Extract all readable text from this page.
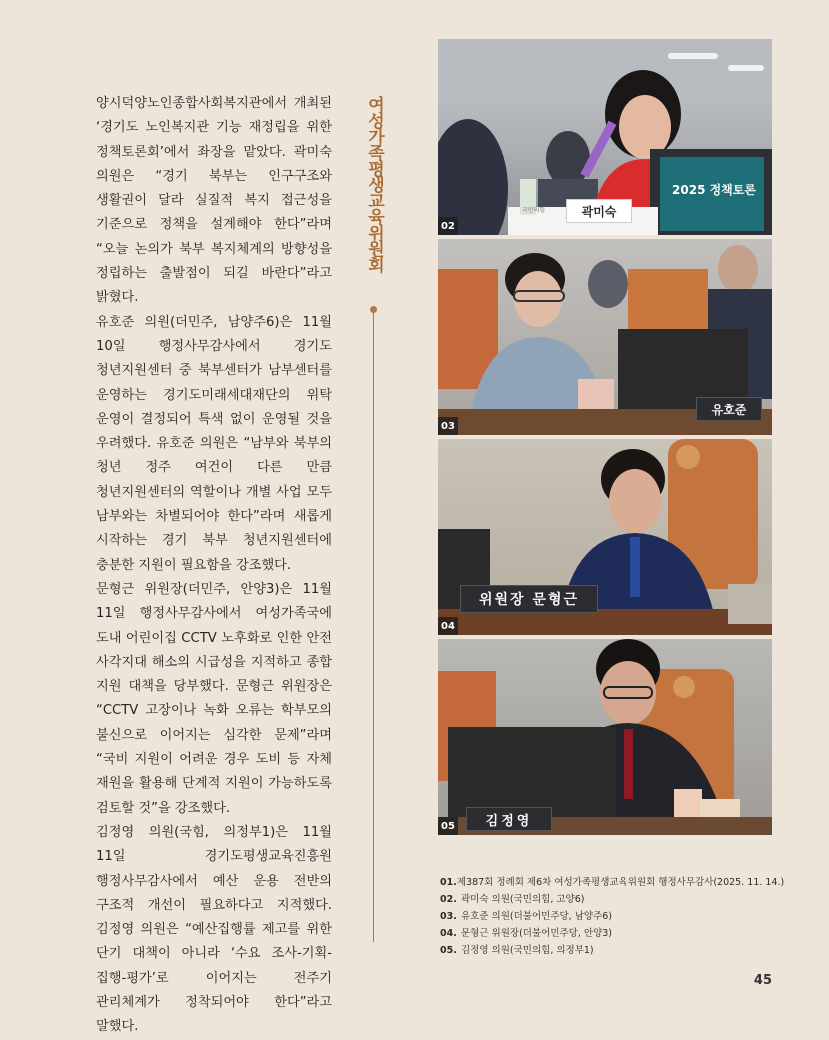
양시덕양노인종합사회복지관에서 개최된 ‘경기도 노인복지관 기능 재정립을 위한 정책토론회’에서 좌장을 맡았다. 곽미숙 의원은 “경기 북부는 인구구조와 생활권이 달라 실질적 복지 접근성을 기준으로 정책을 설계해야 한다”라며 “오늘 논의가 북부 복지체계의 방향성을 정립하는 출발점이 되길 바란다”라고 밝혔다.

유호준 의원(더민주, 남양주6)은 11월 10일 행정사무감사에서 경기도 청년지원센터 중 북부센터가 남부센터를 운영하는 경기도미래세대재단의 위탁 운영이 결정되어 특색 없이 운영될 것을 우려했다. 유호준 의원은 “남부와 북부의 청년 정주 여건이 다른 만큼 청년지원센터의 역할이나 개별 사업 모두 남부와는 차별되어야 한다”라며 새롭게 시작하는 경기 북부 청년지원센터에 충분한 지원이 필요함을 강조했다.

문형근 위원장(더민주, 안양3)은 11월 11일 행정사무감사에서 여성가족국에 도내 어린이집 CCTV 노후화로 인한 안전 사각지대 해소의 시급성을 지적하고 종합 지원 대책을 당부했다. 문형근 위원장은 “CCTV 고장이나 녹화 오류는 학부모의 불신으로 이어지는 심각한 문제”라며 “국비 지원이 어려운 경우 도비 등 자체 재원을 활용해 단계적 지원이 가능하도록 검토할 것”을 강조했다.

김정영 의원(국힘, 의정부1)은 11월 11일 경기도평생교육진흥원 행정사무감사에서 예산 운용 전반의 구조적 개선이 필요하다고 지적했다. 김정영 의원은 “예산집행률 제고를 위한 단기 대책이 아니라 ‘수요 조사-기획-집행-평가’로 이어지는 전주기 관리체계가 정착되어야 한다”라고 말했다.

여성가족평생교육위원회	곽미숙
국민의힘
2025 정책토론
02
유호준
03
위원장 문형근
04
김정영
05
01. 제387회 정례회 제6차 여성가족평생교육위원회 행정사무감사(2025. 11. 14.)
02. 곽미숙 의원(국민의힘, 고양6)
03. 유호준 의원(더불어민주당, 남양주6)
04. 문형근 위원장(더불어민주당, 안양3)
05. 김정영 의원(국민의힘, 의정부1)
45
